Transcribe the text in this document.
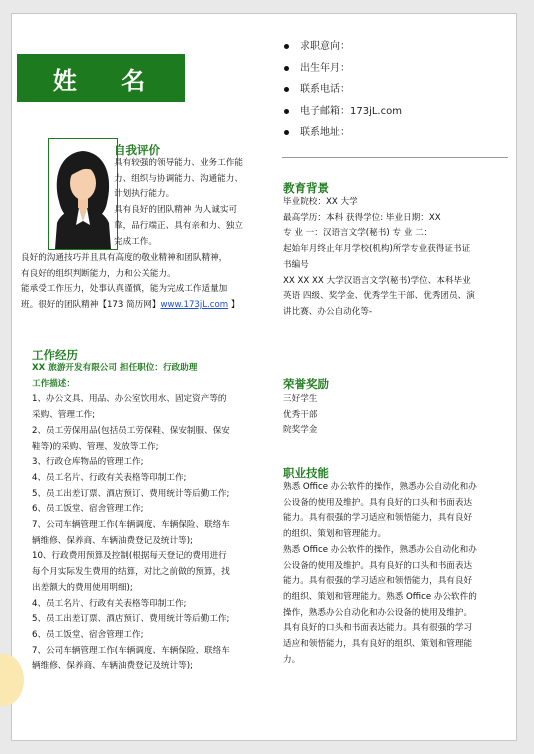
姓 名
求职意向：
出生年月：
联系电话：
电子邮箱：173jL.com
联系地址：
自我评价
具有较强的领导能力、业务工作能
力、组织与协调能力、沟通能力、
计划执行能力。
具有良好的团队精神 为人诚实可
靠，品行端正、具有亲和力、独立
完成工作。
良好的沟通技巧并且具有高度的敬业精神和团队精神，
有良好的组织判断能力，力和公关能力。
能承受工作压力，处事认真谨慎，能为完成工作适量加
班。很好的团队精神【173 简历网】www.173jL.com 】
工作经历
XX 旅游开发有限公司 担任职位：行政助理
工作描述：
1、办公文具、用品、办公室饮用水、固定资产等的
采购、管理工作;
2、员工劳保用品(包括员工劳保鞋、保安制服、保安
鞋等)的采购、管理、发放等工作;
3、行政仓库物品的管理工作;
4、员工名片、行政有关表格等印制工作;
5、员工出差订票、酒店预订、费用统计等后勤工作;
6、员工饭堂、宿舍管理工作;
7、公司车辆管理工作(车辆调度、车辆保险、联络车
辆维修、保养商、车辆油费登记及统计等);
10、行政费用预算及控制(根据每天登记的费用进行
每个月实际发生费用的结算，对比之前做的预算，找
出差额大的费用使用明细);
4、员工名片、行政有关表格等印制工作;
5、员工出差订票、酒店预订、费用统计等后勤工作;
6、员工饭堂、宿舍管理工作;
7、公司车辆管理工作(车辆调度、车辆保险、联络车
辆维修、保养商、车辆油费登记及统计等);
教育背景
毕业院校：XX 大学
最高学历：本科 获得学位: 毕业日期：XX
专 业 一：汉语言文学(秘书) 专 业 二：
起始年月终止年月学校(机构)所学专业获得证书证
书编号
XX XX XX 大学汉语言文学(秘书)学位、本科毕业
英语 四级、奖学金、优秀学生干部、优秀团员、演
讲比赛、办公自动化等-
荣誉奖励
三好学生
优秀干部
院奖学金
职业技能
熟悉 Office 办公软件的操作，熟悉办公自动化和办
公设备的使用及维护。具有良好的口头和书面表达
能力。具有很强的学习适应和领悟能力，具有良好
的组织、策划和管理能力。
熟悉 Office 办公软件的操作，熟悉办公自动化和办
公设备的使用及维护。具有良好的口头和书面表达
能力。具有很强的学习适应和领悟能力，具有良好
的组织、策划和管理能力。熟悉 Office 办公软件的
操作，熟悉办公自动化和办公设备的使用及维护。
具有良好的口头和书面表达能力。具有很强的学习
适应和领悟能力，具有良好的组织、策划和管理能
力。
